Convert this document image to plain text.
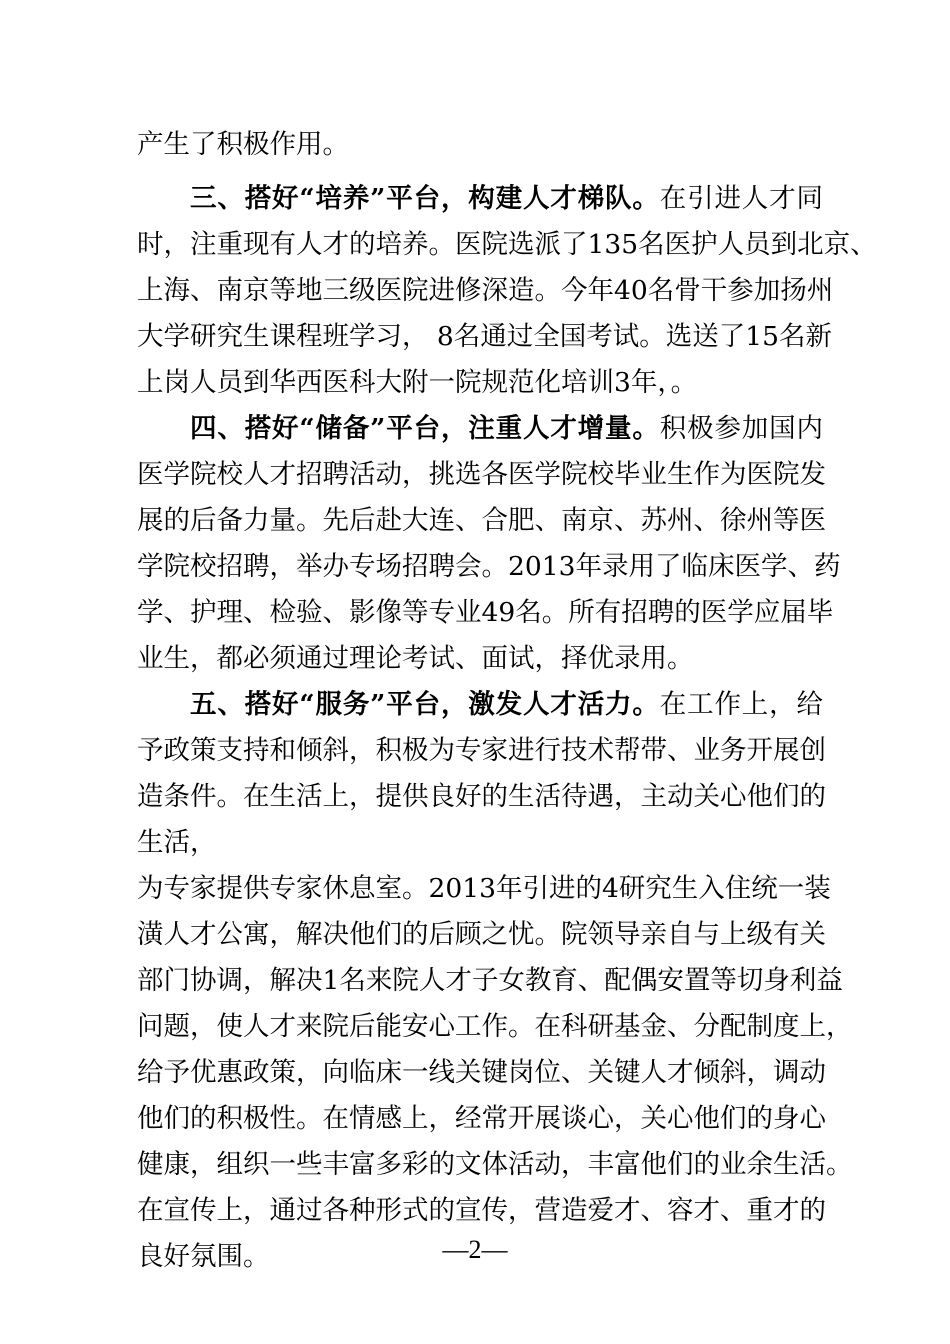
产生了积极作用。
三、搭好“培养”平台，构建人才梯队。在引进人才同
时，注重现有人才的培养。医院选派了135名医护人员到北京、
上海、南京等地三级医院进修深造。今年40名骨干参加扬州
大学研究生课程班学习， 8名通过全国考试。选送了15名新
上岗人员到华西医科大附一院规范化培训3年，。
四、搭好“储备”平台，注重人才增量。积极参加国内
医学院校人才招聘活动，挑选各医学院校毕业生作为医院发
展的后备力量。先后赴大连、合肥、南京、苏州、徐州等医
学院校招聘，举办专场招聘会。2013年录用了临床医学、药
学、护理、检验、影像等专业49名。所有招聘的医学应届毕
业生，都必须通过理论考试、面试，择优录用。
五、搭好“服务”平台，激发人才活力。在工作上，给
予政策支持和倾斜，积极为专家进行技术帮带、业务开展创
造条件。在生活上，提供良好的生活待遇，主动关心他们的
生活，
为专家提供专家休息室。2013年引进的4研究生入住统一装
潢人才公寓，解决他们的后顾之忧。院领导亲自与上级有关
部门协调，解决1名来院人才子女教育、配偶安置等切身利益
问题，使人才来院后能安心工作。在科研基金、分配制度上，
给予优惠政策，向临床一线关键岗位、关键人才倾斜，调动
他们的积极性。在情感上，经常开展谈心，关心他们的身心
健康，组织一些丰富多彩的文体活动，丰富他们的业余生活。
在宣传上，通过各种形式的宣传，营造爱才、容才、重才的
良好氛围。	—2—
